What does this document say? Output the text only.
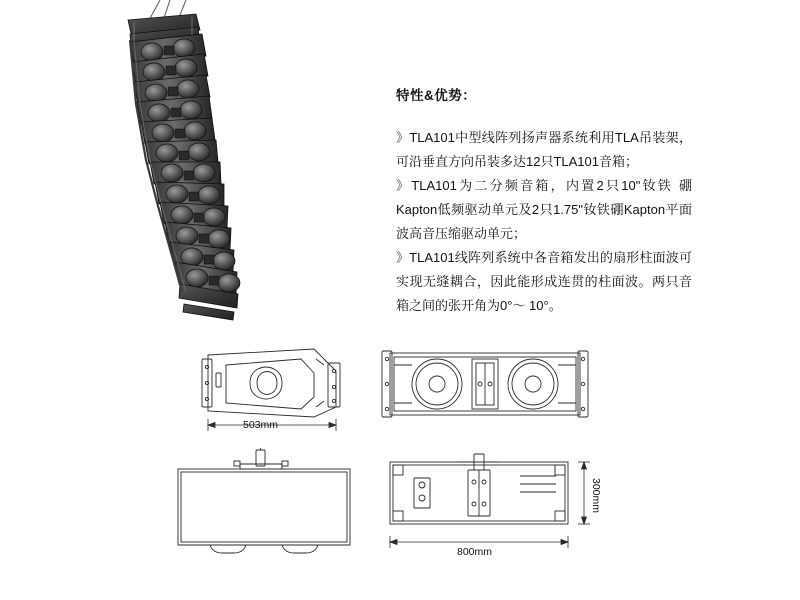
特性&优势：

》TLA101中型线阵列扬声器系统利用TLA吊装架，可沿垂直方向吊装多达12只TLA101音箱；

》TLA101为二分频音箱，内置2只10"钕铁 硼Kapton低频驱动单元及2只1.75"钕铁硼Kapton平面波高音压缩驱动单元；

》TLA101线阵列系统中各音箱发出的扇形柱面波可实现无缝耦合，因此能形成连贯的柱面波。两只音箱之间的张开角为0°～ 10°。

503mm
800mm
300mm
